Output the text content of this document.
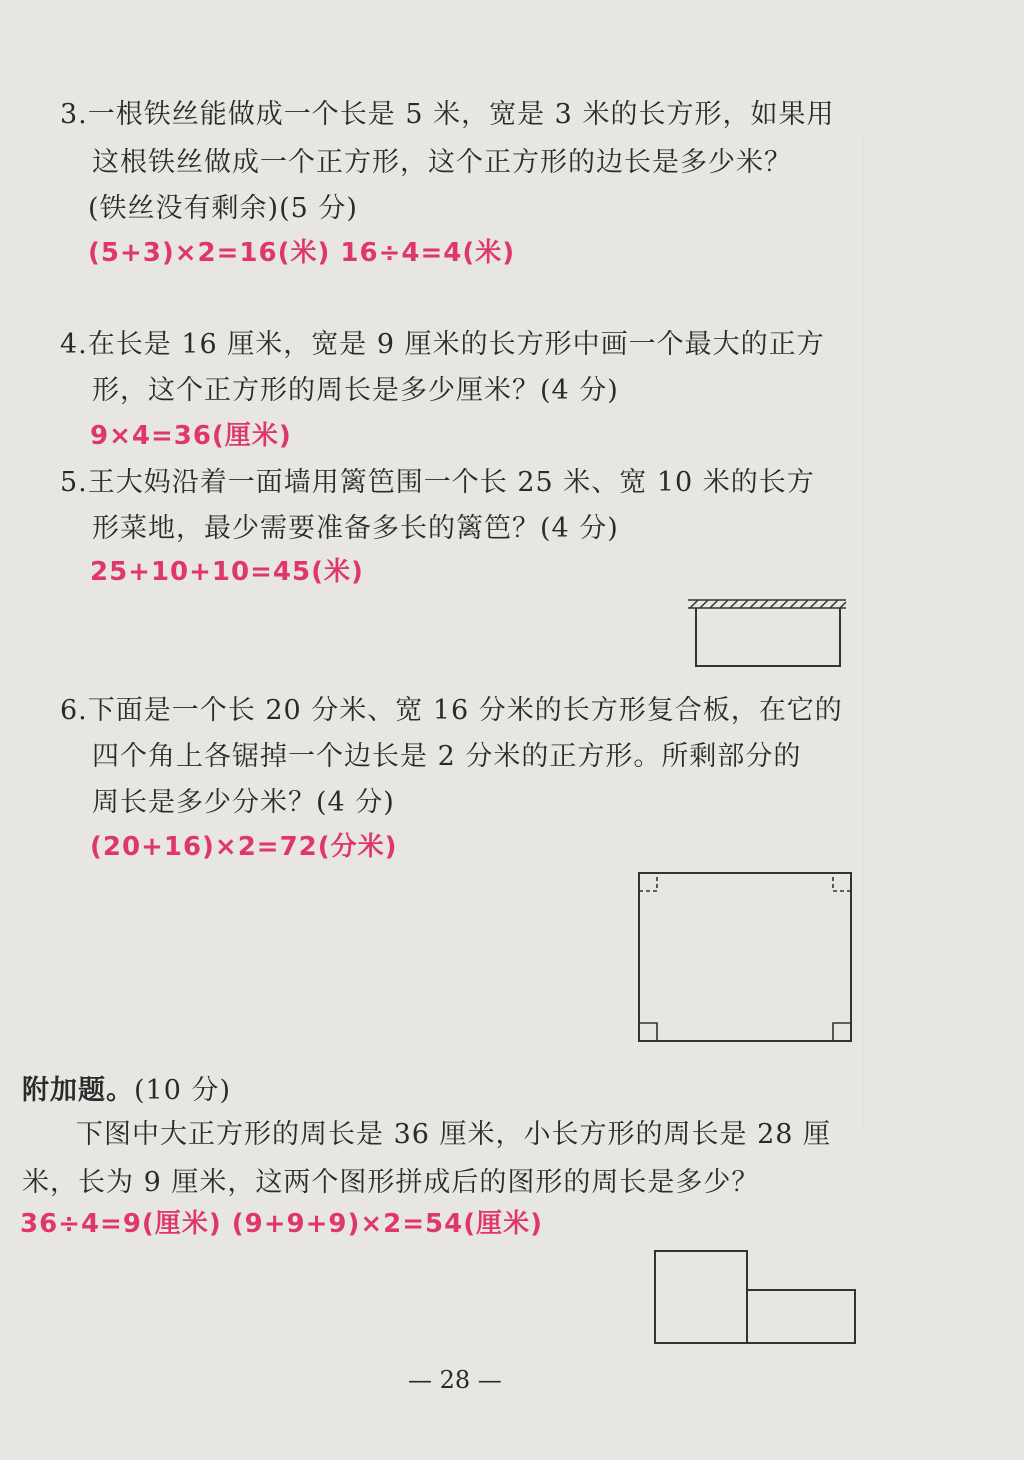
3.一根铁丝能做成一个长是 5 米，宽是 3 米的长方形，如果用
这根铁丝做成一个正方形，这个正方形的边长是多少米？
(铁丝没有剩余)(5 分)
(5+3)×2=16(米) 16÷4=4(米)
4.在长是 16 厘米，宽是 9 厘米的长方形中画一个最大的正方
形，这个正方形的周长是多少厘米？(4 分)
9×4=36(厘米)
5.王大妈沿着一面墙用篱笆围一个长 25 米、宽 10 米的长方
形菜地，最少需要准备多长的篱笆？(4 分)
25+10+10=45(米)
6.下面是一个长 20 分米、宽 16 分米的长方形复合板，在它的
四个角上各锯掉一个边长是 2 分米的正方形。所剩部分的
周长是多少分米？(4 分)
(20+16)×2=72(分米)
附加题。(10 分)
下图中大正方形的周长是 36 厘米，小长方形的周长是 28 厘
米，长为 9 厘米，这两个图形拼成后的图形的周长是多少？
36÷4=9(厘米) (9+9+9)×2=54(厘米)
— 28 —
